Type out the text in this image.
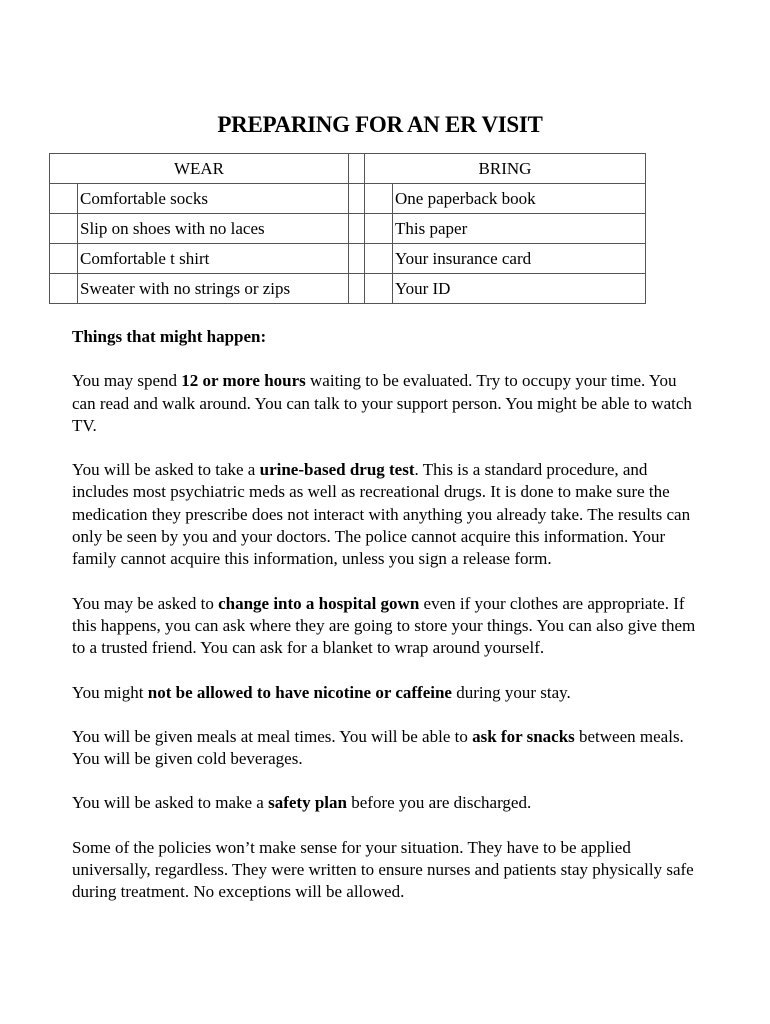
PREPARING FOR AN ER VISIT
WEAR			BRING	
	Comfortable socks			One paperback book
	Slip on shoes with no laces			This paper
	Comfortable t shirt			Your insurance card
	Sweater with no strings or zips			Your ID
Things that might happen:

You may spend 12 or more hours waiting to be evaluated. Try to occupy your time. You can read and walk around. You can talk to your support person. You might be able to watch TV.

You will be asked to take a urine-based drug test. This is a standard procedure, and includes most psychiatric meds as well as recreational drugs. It is done to make sure the medication they prescribe does not interact with anything you already take. The results can only be seen by you and your doctors. The police cannot acquire this information. Your family cannot acquire this information, unless you sign a release form.

You may be asked to change into a hospital gown even if your clothes are appropriate. If this happens, you can ask where they are going to store your things. You can also give them to a trusted friend. You can ask for a blanket to wrap around yourself.

You might not be allowed to have nicotine or caffeine during your stay.

You will be given meals at meal times. You will be able to ask for snacks between meals. You will be given cold beverages.

You will be asked to make a safety plan before you are discharged.

Some of the policies won’t make sense for your situation. They have to be applied universally, regardless. They were written to ensure nurses and patients stay physically safe during treatment. No exceptions will be allowed.
